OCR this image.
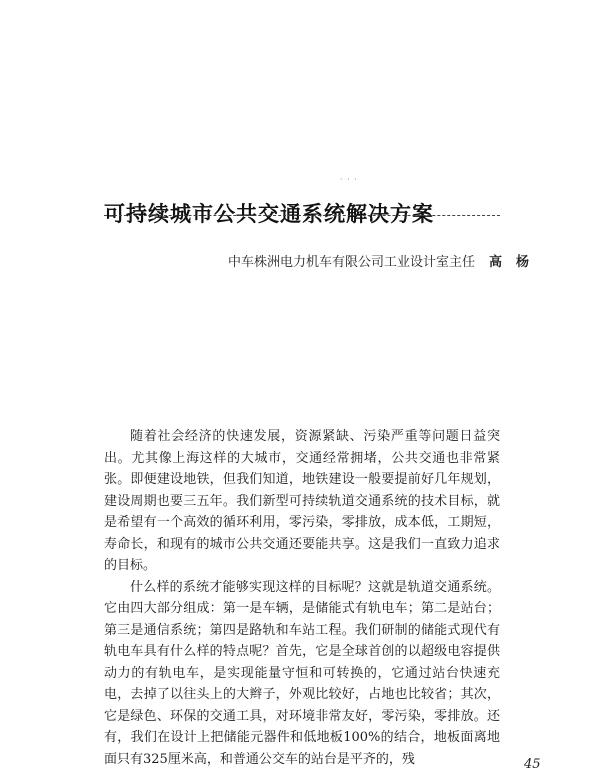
· · ·
可持续城市公共交通系统解决方案
中车株洲电力机车有限公司工业设计室主任 高杨

随着社会经济的快速发展，资源紧缺、污染严重等问题日益突出。尤其像上海这样的大城市，交通经常拥堵，公共交通也非常紧张。即便建设地铁，但我们知道，地铁建设一般要提前好几年规划，建设周期也要三五年。我们新型可持续轨道交通系统的技术目标，就是希望有一个高效的循环利用，零污染，零排放，成本低，工期短，寿命长，和现有的城市公共交通还要能共享。这是我们一直致力追求的目标。

什么样的系统才能够实现这样的目标呢？这就是轨道交通系统。它由四大部分组成：第一是车辆，是储能式有轨电车；第二是站台；第三是通信系统；第四是路轨和车站工程。我们研制的储能式现代有轨电车具有什么样的特点呢？首先，它是全球首创的以超级电容提供动力的有轨电车，是实现能量守恒和可转换的，它通过站台快速充电，去掉了以往头上的大辫子，外观比较好，占地也比较省；其次，它是绿色、环保的交通工具，对环境非常友好，零污染，零排放。还有，我们在设计上把储能元器件和低地板100%的结合，地板面离地面只有325厘米高，和普通公交车的站台是平齐的，残	45
